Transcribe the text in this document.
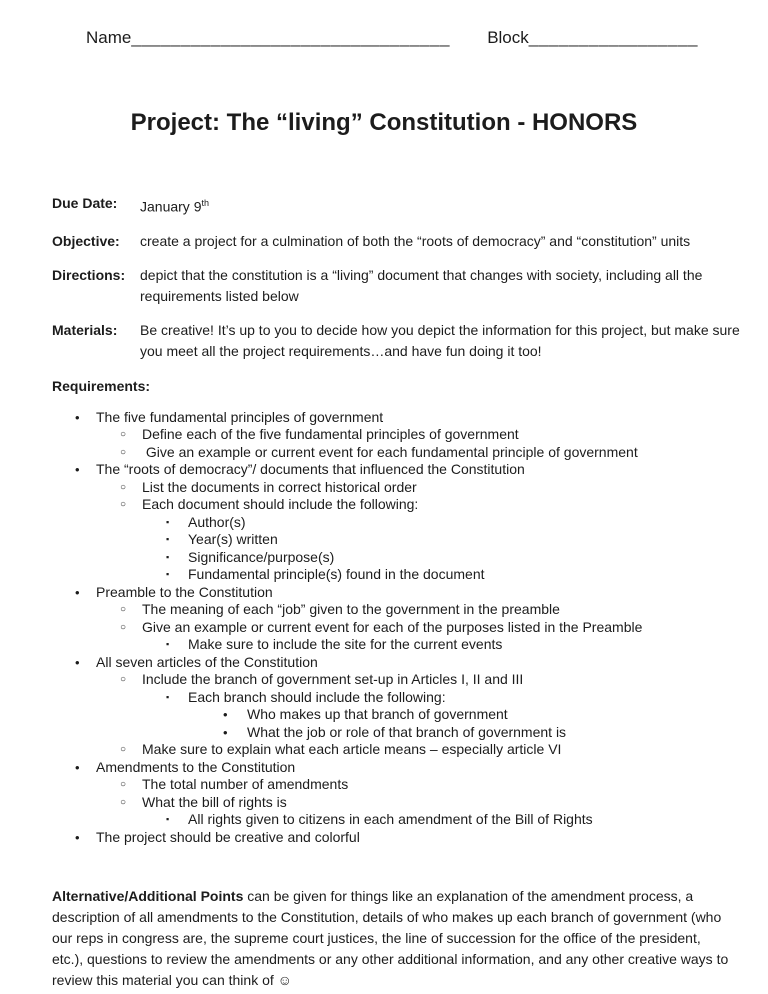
Name________________________________ Block_________________
Project: The “living” Constitution - HONORS
Due Date:	January 9th
Objective:	create a project for a culmination of both the “roots of democracy” and “constitution” units
Directions:	depict that the constitution is a “living” document that changes with society, including all the requirements listed below
Materials:	Be creative! It’s up to you to decide how you depict the information for this project, but make sure you meet all the project requirements…and have fun doing it too!
Requirements:
•	The five fundamental principles of government
○	Define each of the five fundamental principles of government
○	Give an example or current event for each fundamental principle of government
•	The “roots of democracy”/ documents that influenced the Constitution
○	List the documents in correct historical order
○	Each document should include the following:
▪	Author(s)
▪	Year(s) written
▪	Significance/purpose(s)
▪	Fundamental principle(s) found in the document
•	Preamble to the Constitution
○	The meaning of each “job” given to the government in the preamble
○	Give an example or current event for each of the purposes listed in the Preamble
▪	Make sure to include the site for the current events
•	All seven articles of the Constitution
○	Include the branch of government set-up in Articles I, II and III
▪	Each branch should include the following:
•	Who makes up that branch of government
•	What the job or role of that branch of government is
○	Make sure to explain what each article means – especially article VI
•	Amendments to the Constitution
○	The total number of amendments
○	What the bill of rights is
▪	All rights given to citizens in each amendment of the Bill of Rights
•	The project should be creative and colorful

Alternative/Additional Points can be given for things like an explanation of the amendment process, a description of all amendments to the Constitution, details of who makes up each branch of government (who our reps in congress are, the supreme court justices, the line of succession for the office of the president, etc.), questions to review the amendments or any other additional information, and any other creative ways to review this material you can think of ☺
